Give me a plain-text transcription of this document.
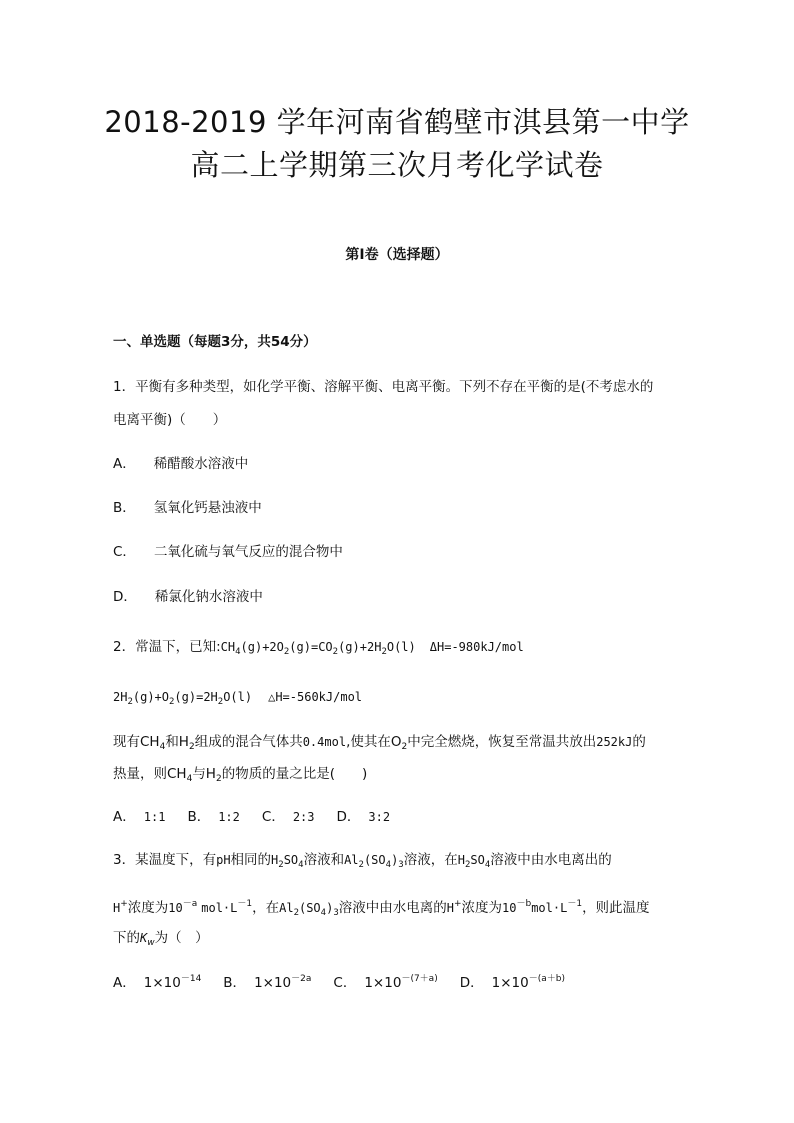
2018-2019 学年河南省鹤壁市淇县第一中学
高二上学期第三次月考化学试卷
第I卷（选择题）
一、单选题（每题3分，共54分）
1．平衡有多种类型，如化学平衡、溶解平衡、电离平衡。下列不存在平衡的是(不考虑水的
电离平衡)（　　）
A． 稀醋酸水溶液中
B． 氢氧化钙悬浊液中
C． 二氧化硫与氧气反应的混合物中
D． 稀氯化钠水溶液中
2．常温下，已知$:CH_4(g)+2O_2(g)=CO_2(g)+2H_2O(l)$ ΔH=-980kJ/mol
$2H_2(g)+O_2(g)=2H_2O(l)$ △H=-560kJ/mol
现有$CH_4$和$H_2$组成的混合气体共0.4mol,使其在$O_2$中完全燃烧，恢复至常温共放出252kJ的
热量，则$CH_4$与$H_2$的物质的量之比是(　　)
A． 1:1 B． 1:2 C． 2:3 D． 3:2
3．某温度下，有pH相同的$H_2SO_4$溶液和$Al_2(SO_4)_3$溶液，在$H_2SO_4$溶液中由水电离出的
H+浓度为$10^{-a}$ $mol\cdot L^{-1}$，在$Al_2(SO_4)_3$溶液中由水电离的H+浓度为$10^{-b}mol\cdot L^{-1}$，则此温度
下的$K_w$为（　）
A． $1\times 10^{-14}$ B． $1\times 10^{-2a}$ C． $1\times 10^{-(7+a)}$ D． $1\times 10^{-(a+b)}$
